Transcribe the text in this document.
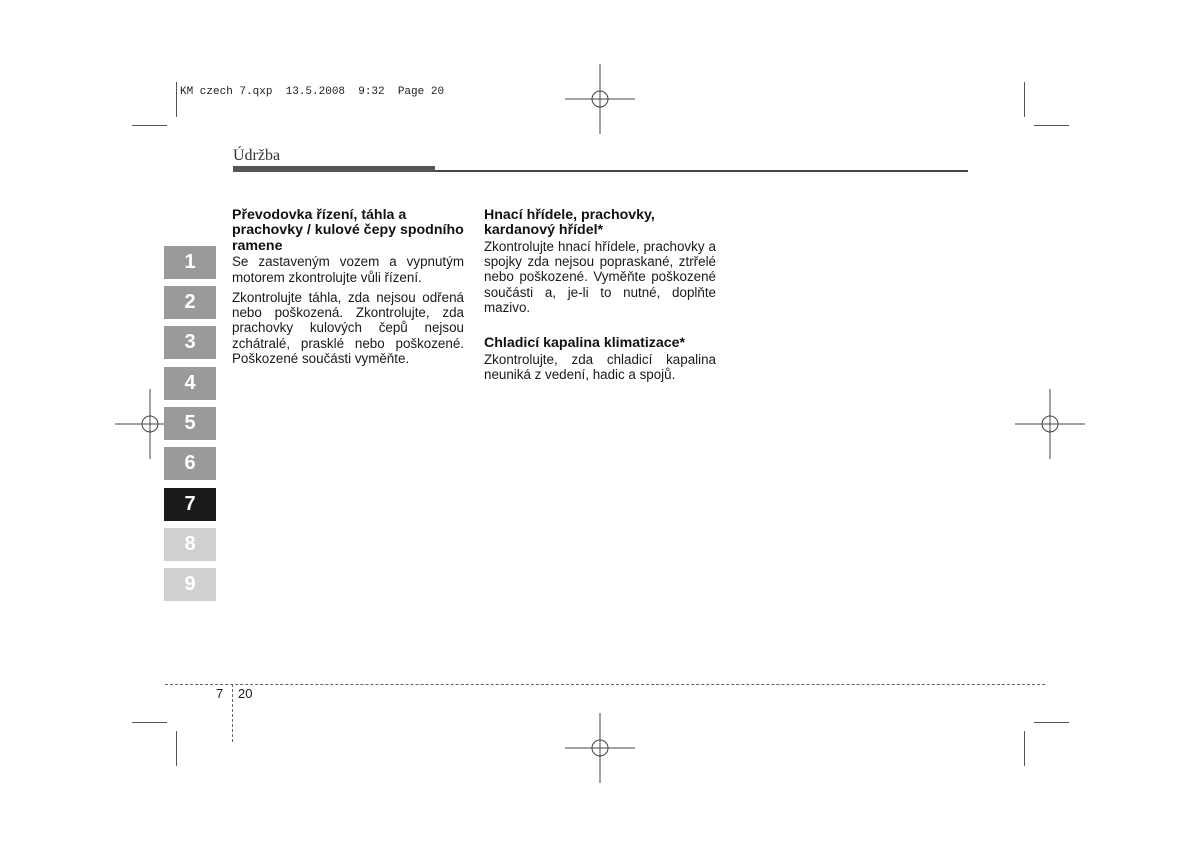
KM czech 7.qxp  13.5.2008  9:32  Page 20
Údržba
1
2
3
4
5
6
7
8
9
Převodovka řízení, táhla a prachovky / kulové čepy spodního ramene

Se zastaveným vozem a vypnutým motorem zkontrolujte vůli řízení.

Zkontrolujte táhla, zda nejsou odřená nebo poškozená. Zkontrolujte, zda prachovky kulových čepů nejsou zchátralé, prasklé nebo poškozené. Poškozené součásti vyměňte.

Hnací hřídele, prachovky, kardanový hřídel*

Zkontrolujte hnací hřídele, prachovky a spojky zda nejsou popraskané, ztrřelé nebo poškozené. Vyměňte poškozené součásti a, je-li to nutné, doplňte mazivo.

Chladicí kapalina klimatizace*

Zkontrolujte, zda chladicí kapalina neuniká z vedení, hadic a spojů.

7 20
